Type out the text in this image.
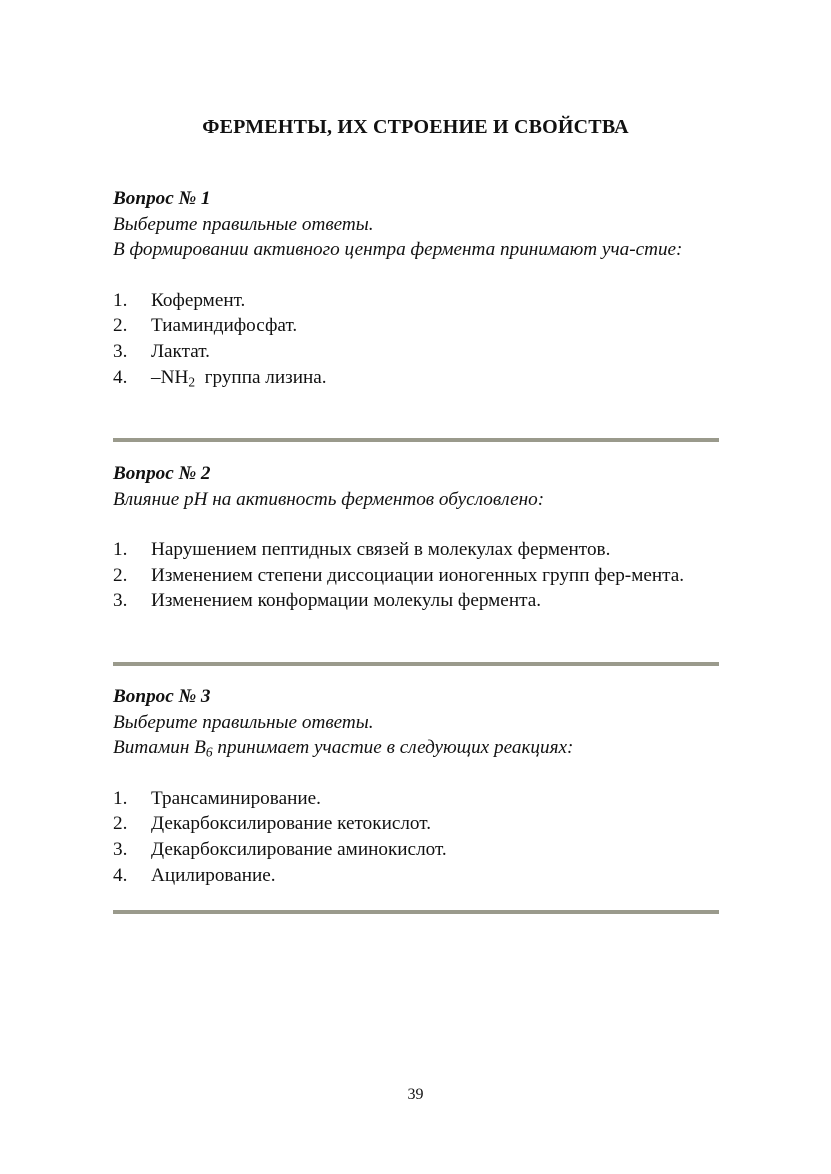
ФЕРМЕНТЫ, ИХ СТРОЕНИЕ И СВОЙСТВА
Вопрос № 1
Выберите правильные ответы.
В формировании активного центра фермента принимают уча-стие:
1. Кофермент.
2. Тиаминдифосфат.
3. Лактат.
4. $-NH_2$  группа лизина.
Вопрос № 2
Влияние рН на активность ферментов обусловлено:
1. Нарушением пептидных связей в молекулах ферментов.
2. Изменением степени диссоциации ионогенных групп фер-мента.
3. Изменением конформации молекулы фермента.
Вопрос № 3
Выберите правильные ответы.
Витамин $B_6$ принимает участие в следующих реакциях:
1. Трансаминирование.
2. Декарбоксилирование кетокислот.
3. Декарбоксилирование аминокислот.
4. Ацилирование.
39
